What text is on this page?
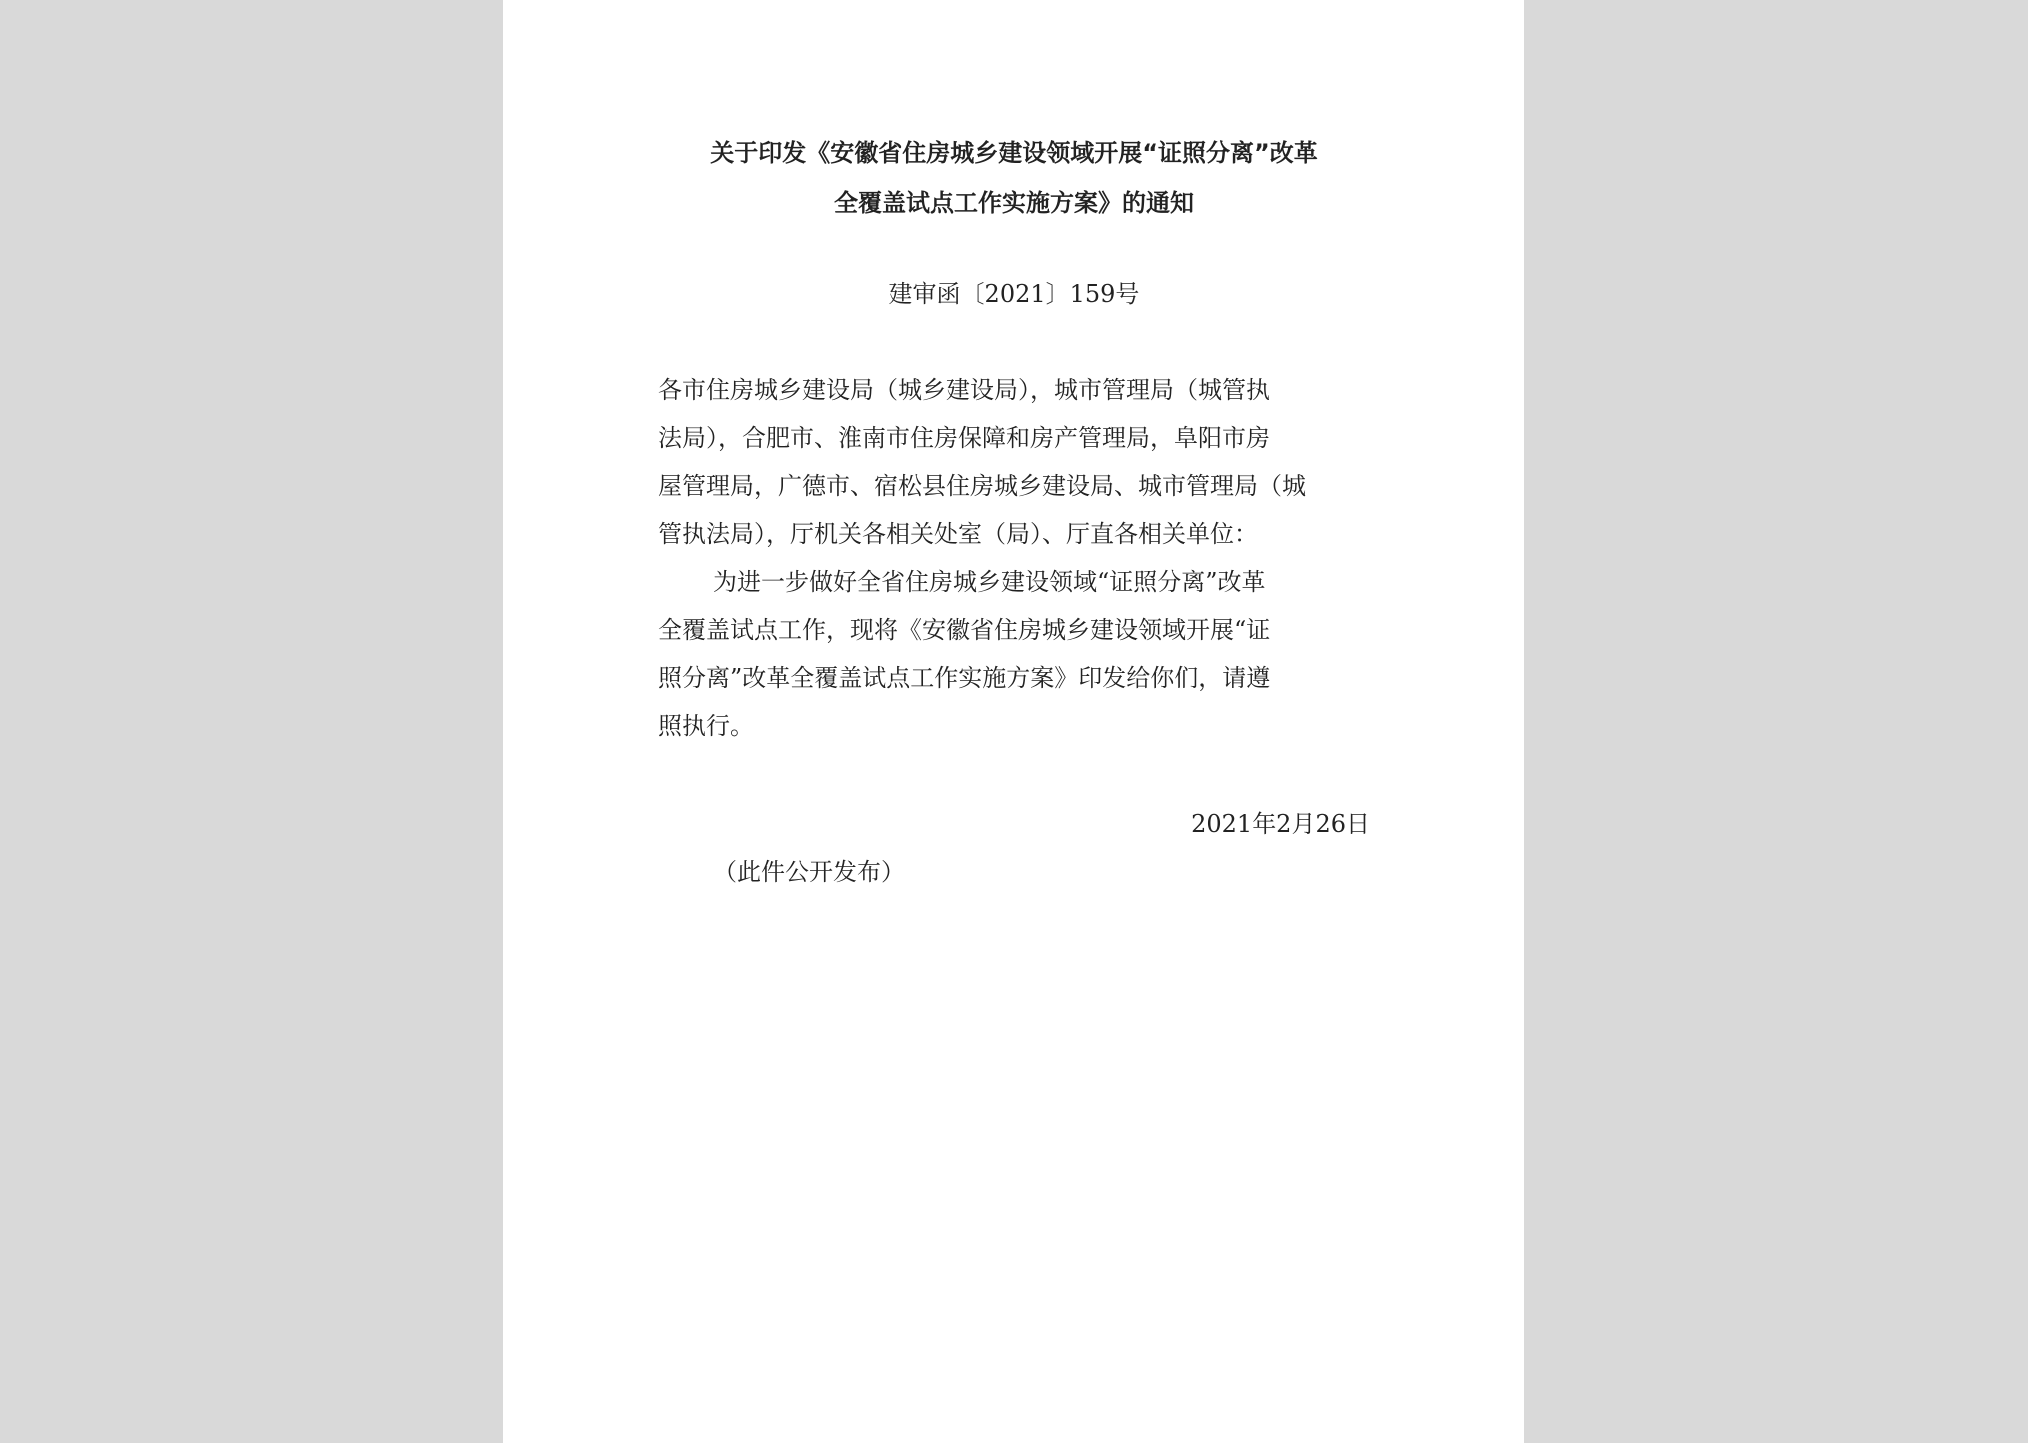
关于印发《安徽省住房城乡建设领域开展“证照分离”改革
全覆盖试点工作实施方案》的通知
建审函〔2021〕159号
各市住房城乡建设局（城乡建设局），城市管理局（城管执
法局），合肥市、淮南市住房保障和房产管理局，阜阳市房
屋管理局，广德市、宿松县住房城乡建设局、城市管理局（城
管执法局），厅机关各相关处室（局）、厅直各相关单位：
为进一步做好全省住房城乡建设领域“证照分离”改革
全覆盖试点工作，现将《安徽省住房城乡建设领域开展“证
照分离”改革全覆盖试点工作实施方案》印发给你们，请遵
照执行。
2021年2月26日
（此件公开发布）
